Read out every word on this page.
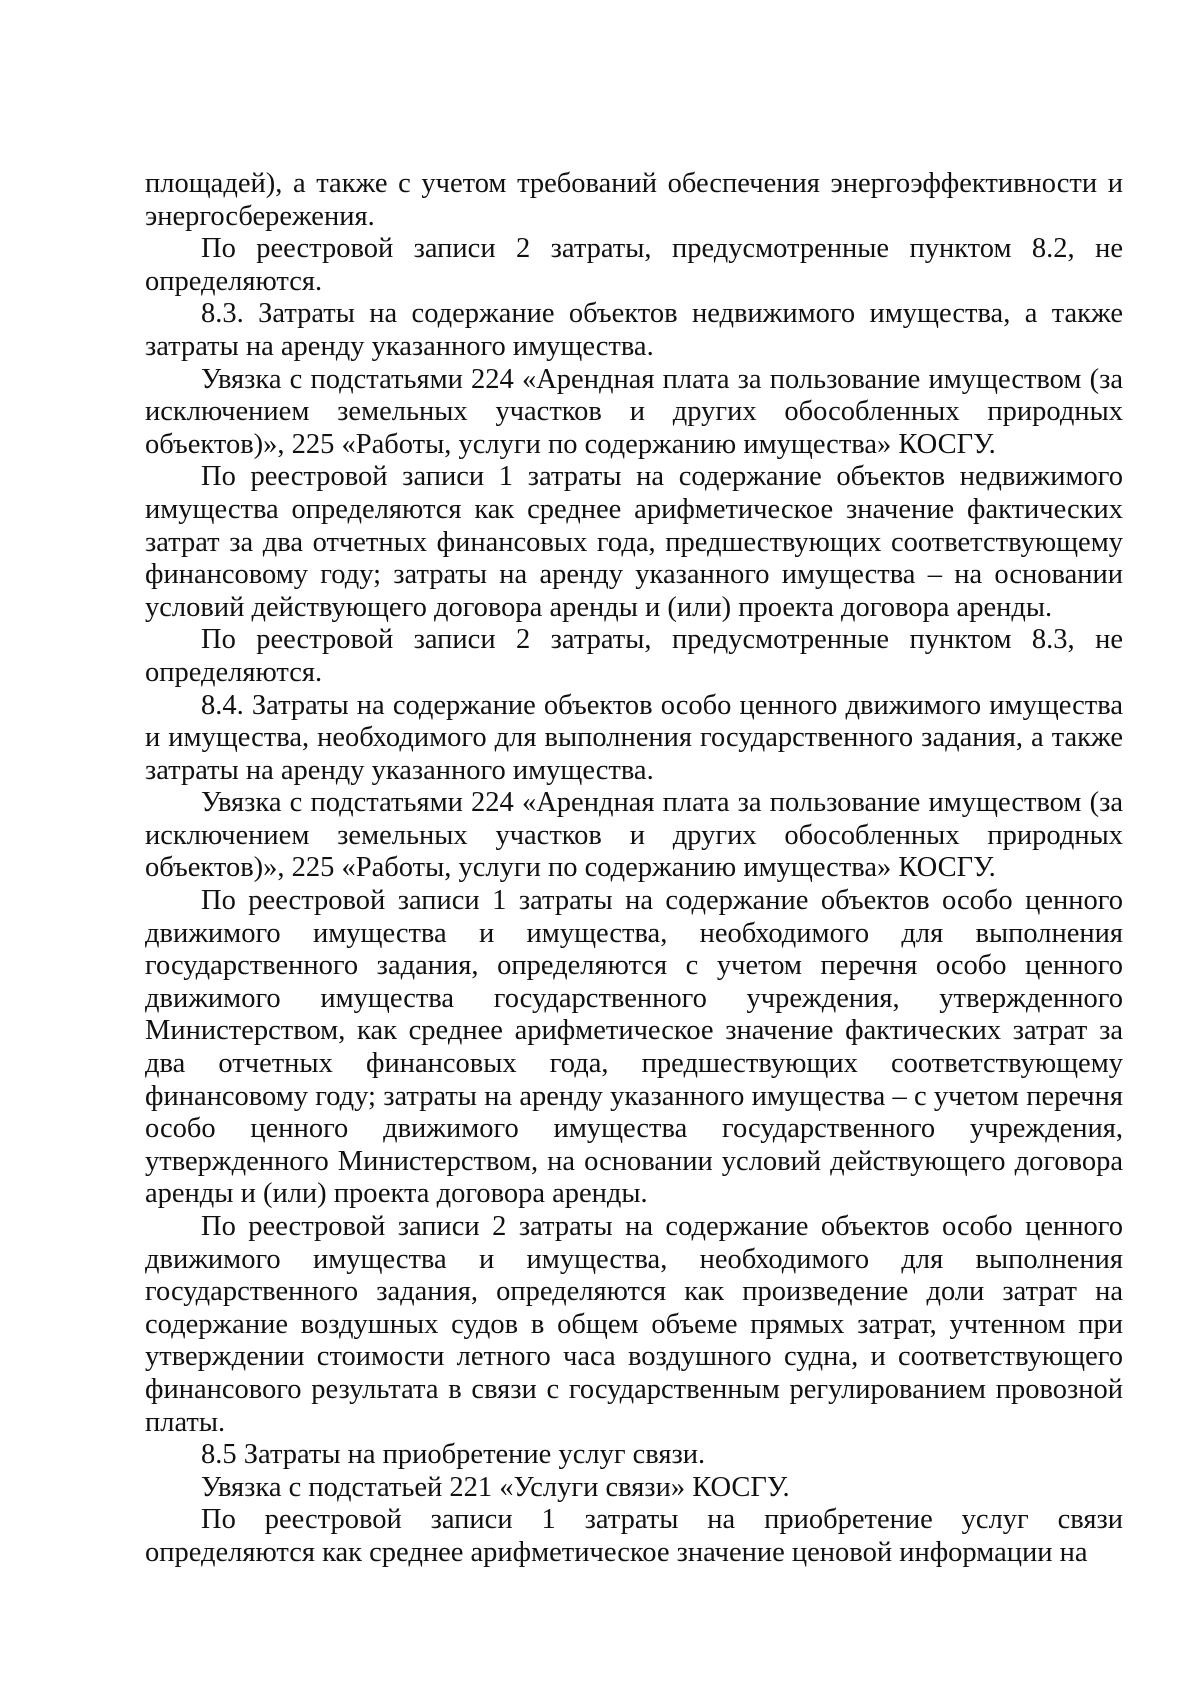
площадей), а также с учетом требований обеспечения энергоэффективности и энергосбережения.

По реестровой записи 2 затраты, предусмотренные пунктом 8.2, не определяются.

8.3. Затраты на содержание объектов недвижимого имущества, а также затраты на аренду указанного имущества.

Увязка с подстатьями 224 «Арендная плата за пользование имуществом (за исключением земельных участков и других обособленных природных объектов)», 225 «Работы, услуги по содержанию имущества» КОСГУ.

По реестровой записи 1 затраты на содержание объектов недвижимого имущества определяются как среднее арифметическое значение фактических затрат за два отчетных финансовых года, предшествующих соответствующему финансовому году; затраты на аренду указанного имущества – на основании условий действующего договора аренды и (или) проекта договора аренды.

По реестровой записи 2 затраты, предусмотренные пунктом 8.3, не определяются.

8.4. Затраты на содержание объектов особо ценного движимого имущества и имущества, необходимого для выполнения государственного задания, а также затраты на аренду указанного имущества.

Увязка с подстатьями 224 «Арендная плата за пользование имуществом (за исключением земельных участков и других обособленных природных объектов)», 225 «Работы, услуги по содержанию имущества» КОСГУ.

По реестровой записи 1 затраты на содержание объектов особо ценного движимого имущества и имущества, необходимого для выполнения государственного задания, определяются с учетом перечня особо ценного движимого имущества государственного учреждения, утвержденного Министерством, как среднее арифметическое значение фактических затрат за два отчетных финансовых года, предшествующих соответствующему финансовому году; затраты на аренду указанного имущества – с учетом перечня особо ценного движимого имущества государственного учреждения, утвержденного Министерством, на основании условий действующего договора аренды и (или) проекта договора аренды.

По реестровой записи 2 затраты на содержание объектов особо ценного движимого имущества и имущества, необходимого для выполнения государственного задания, определяются как произведение доли затрат на содержание воздушных судов в общем объеме прямых затрат, учтенном при утверждении стоимости летного часа воздушного судна, и соответствующего финансового результата в связи с государственным регулированием провозной платы.

8.5 Затраты на приобретение услуг связи.

Увязка с подстатьей 221 «Услуги связи» КОСГУ.

По реестровой записи 1 затраты на приобретение услуг связи определяются как среднее арифметическое значение ценовой информации на
